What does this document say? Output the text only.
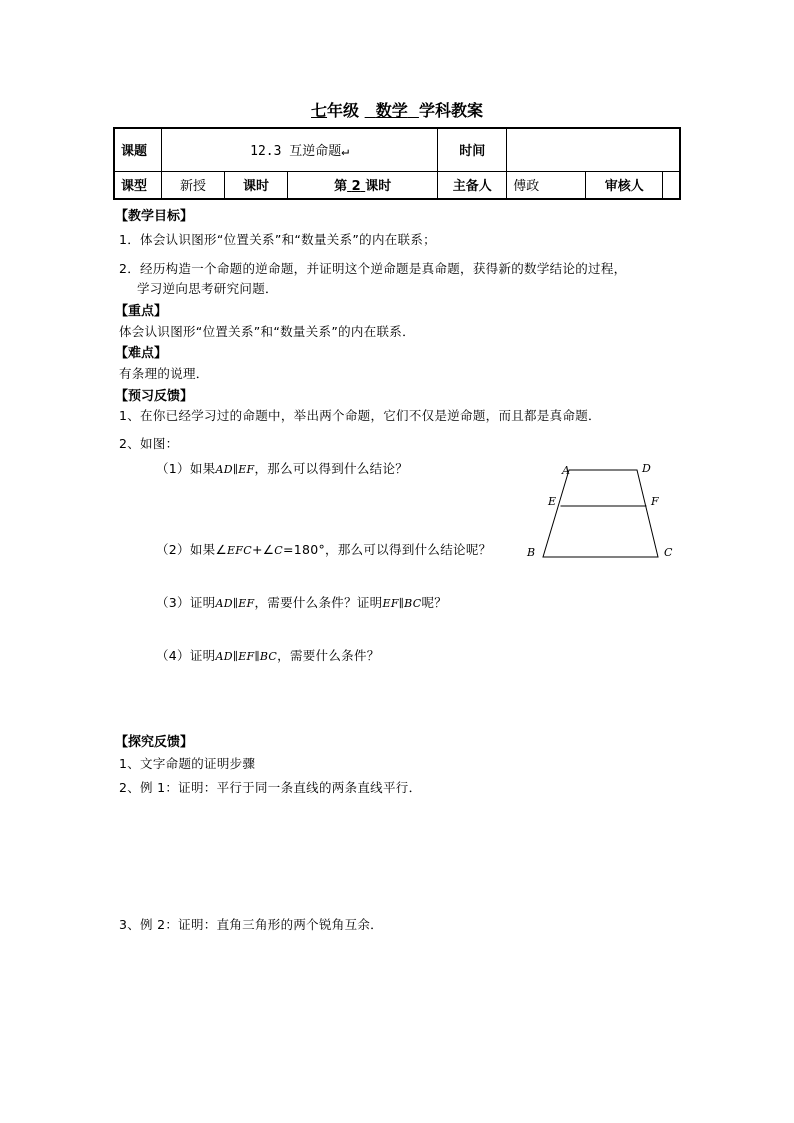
七年级 数学 学科教案
课题	12.3 互逆命题↵			时间			
课型	新授	课时	第 2 课时	主备人	傅政	审核人	
【教学目标】
1．体会认识图形“位置关系”和“数量关系”的内在联系；
2．经历构造一个命题的逆命题，并证明这个逆命题是真命题，获得新的数学结论的过程，
学习逆向思考研究问题．
【重点】
体会认识图形“位置关系”和“数量关系”的内在联系．
【难点】
有条理的说理．
【预习反馈】
1、在你已经学习过的命题中，举出两个命题，它们不仅是逆命题，而且都是真命题．
2、如图：
（1）如果AD∥EF，那么可以得到什么结论？
（2）如果∠EFC+∠C=180°，那么可以得到什么结论呢？
（3）证明AD∥EF，需要什么条件？证明EF∥BC呢？
（4）证明AD∥EF∥BC，需要什么条件？
A	D
E	F
B	C
【探究反馈】
1、文字命题的证明步骤
2、例 1：证明：平行于同一条直线的两条直线平行．
3、例 2：证明：直角三角形的两个锐角互余．
